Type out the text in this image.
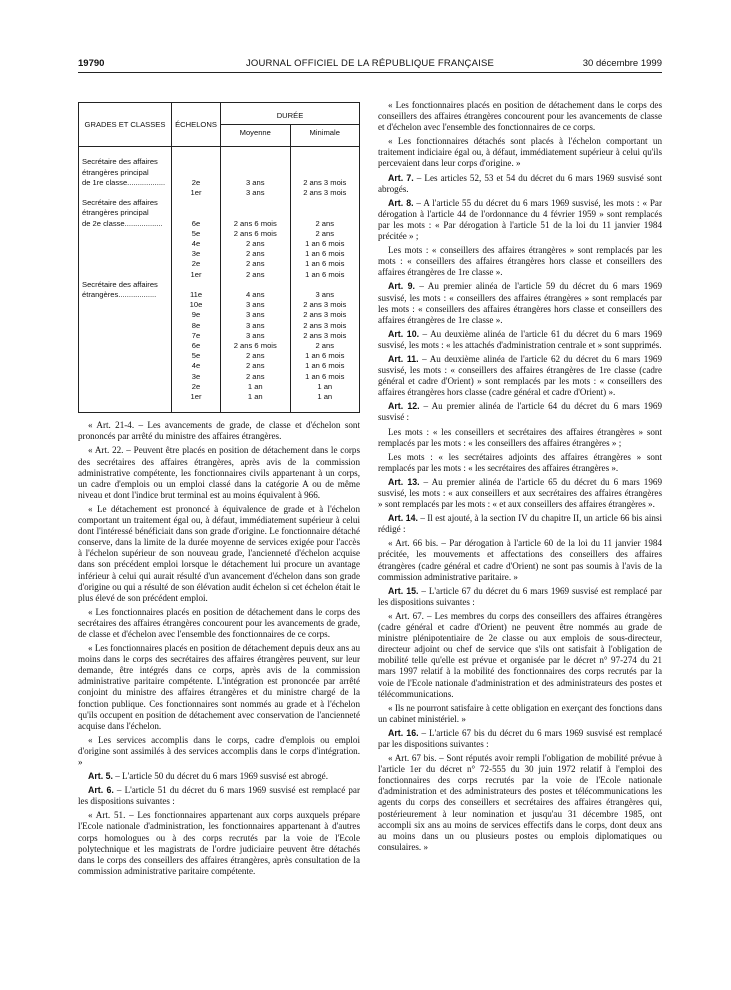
19790	JOURNAL OFFICIEL DE LA RÉPUBLIQUE FRANÇAISE	30 décembre 1999
GRADES ET CLASSES	ÉCHELONS	DURÉE	
		Moyenne	Minimale

Secrétaire des affaires			
étrangères principal			
de 1re classe..................	2e	3 ans	2 ans 3 mois
	1er	3 ans	2 ans 3 mois
Secrétaire des affaires			
étrangères principal			
de 2e classe..................	6e	2 ans 6 mois	2 ans
	5e	2 ans 6 mois	2 ans
	4e	2 ans	1 an 6 mois
	3e	2 ans	1 an 6 mois
	2e	2 ans	1 an 6 mois
	1er	2 ans	1 an 6 mois
Secrétaire des affaires			
étrangères..................	11e	4 ans	3 ans
	10e	3 ans	2 ans 3 mois
	9e	3 ans	2 ans 3 mois
	8e	3 ans	2 ans 3 mois
	7e	3 ans	2 ans 3 mois
	6e	2 ans 6 mois	2 ans
	5e	2 ans	1 an 6 mois
	4e	2 ans	1 an 6 mois
	3e	2 ans	1 an 6 mois
	2e	1 an	1 an
	1er	1 an	1 an

« Art. 21-4. – Les avancements de grade, de classe et d'échelon sont prononcés par arrêté du ministre des affaires étrangères.

« Art. 22. – Peuvent être placés en position de détachement dans le corps des secrétaires des affaires étrangères, après avis de la commission administrative compétente, les fonctionnaires civils appartenant à un corps, un cadre d'emplois ou un emploi classé dans la catégorie A ou de même niveau et dont l'indice brut terminal est au moins équivalent à 966.

« Le détachement est prononcé à équivalence de grade et à l'échelon comportant un traitement égal ou, à défaut, immédiatement supérieur à celui dont l'intéressé bénéficiait dans son grade d'origine. Le fonctionnaire détaché conserve, dans la limite de la durée moyenne de services exigée pour l'accès à l'échelon supérieur de son nouveau grade, l'ancienneté d'échelon acquise dans son précédent emploi lorsque le détachement lui procure un avantage inférieur à celui qui aurait résulté d'un avancement d'échelon dans son grade d'origine ou qui a résulté de son élévation audit échelon si cet échelon était le plus élevé de son précédent emploi.

« Les fonctionnaires placés en position de détachement dans le corps des secrétaires des affaires étrangères concourent pour les avancements de grade, de classe et d'échelon avec l'ensemble des fonctionnaires de ce corps.

« Les fonctionnaires placés en position de détachement depuis deux ans au moins dans le corps des secrétaires des affaires étrangères peuvent, sur leur demande, être intégrés dans ce corps, après avis de la commission administrative paritaire compétente. L'intégration est prononcée par arrêté conjoint du ministre des affaires étrangères et du ministre chargé de la fonction publique. Ces fonctionnaires sont nommés au grade et à l'échelon qu'ils occupent en position de détachement avec conservation de l'ancienneté acquise dans l'échelon.

« Les services accomplis dans le corps, cadre d'emplois ou emploi d'origine sont assimilés à des services accomplis dans le corps d'intégration. »

Art. 5. – L'article 50 du décret du 6 mars 1969 susvisé est abrogé.

Art. 6. – L'article 51 du décret du 6 mars 1969 susvisé est remplacé par les dispositions suivantes :

« Art. 51. – Les fonctionnaires appartenant aux corps auxquels prépare l'Ecole nationale d'administration, les fonctionnaires appartenant à d'autres corps homologues ou à des corps recrutés par la voie de l'Ecole polytechnique et les magistrats de l'ordre judiciaire peuvent être détachés dans le corps des conseillers des affaires étrangères, après consultation de la commission administrative paritaire compétente.

« Les fonctionnaires placés en position de détachement dans le corps des conseillers des affaires étrangères concourent pour les avancements de classe et d'échelon avec l'ensemble des fonctionnaires de ce corps.

« Les fonctionnaires détachés sont placés à l'échelon comportant un traitement indiciaire égal ou, à défaut, immédiatement supérieur à celui qu'ils percevaient dans leur corps d'origine. »

Art. 7. – Les articles 52, 53 et 54 du décret du 6 mars 1969 susvisé sont abrogés.

Art. 8. – A l'article 55 du décret du 6 mars 1969 susvisé, les mots : « Par dérogation à l'article 44 de l'ordonnance du 4 février 1959 » sont remplacés par les mots : « Par dérogation à l'article 51 de la loi du 11 janvier 1984 précitée » ;

Les mots : « conseillers des affaires étrangères » sont remplacés par les mots : « conseillers des affaires étrangères hors classe et conseillers des affaires étrangères de 1re classe ».

Art. 9. – Au premier alinéa de l'article 59 du décret du 6 mars 1969 susvisé, les mots : « conseillers des affaires étrangères » sont remplacés par les mots : « conseillers des affaires étrangères hors classe et conseillers des affaires étrangères de 1re classe ».

Art. 10. – Au deuxième alinéa de l'article 61 du décret du 6 mars 1969 susvisé, les mots : « les attachés d'administration centrale et » sont supprimés.

Art. 11. – Au deuxième alinéa de l'article 62 du décret du 6 mars 1969 susvisé, les mots : « conseillers des affaires étrangères de 1re classe (cadre général et cadre d'Orient) » sont remplacés par les mots : « conseillers des affaires étrangères hors classe (cadre général et cadre d'Orient) ».

Art. 12. – Au premier alinéa de l'article 64 du décret du 6 mars 1969 susvisé :

Les mots : « les conseillers et secrétaires des affaires étrangères » sont remplacés par les mots : « les conseillers des affaires étrangères » ;

Les mots : « les secrétaires adjoints des affaires étrangères » sont remplacés par les mots : « les secrétaires des affaires étrangères ».

Art. 13. – Au premier alinéa de l'article 65 du décret du 6 mars 1969 susvisé, les mots : « aux conseillers et aux secrétaires des affaires étrangères » sont remplacés par les mots : « et aux conseillers des affaires étrangères ».

Art. 14. – Il est ajouté, à la section IV du chapitre II, un article 66 bis ainsi rédigé :

« Art. 66 bis. – Par dérogation à l'article 60 de la loi du 11 janvier 1984 précitée, les mouvements et affectations des conseillers des affaires étrangères (cadre général et cadre d'Orient) ne sont pas soumis à l'avis de la commission administrative paritaire. »

Art. 15. – L'article 67 du décret du 6 mars 1969 susvisé est remplacé par les dispositions suivantes :

« Art. 67. – Les membres du corps des conseillers des affaires étrangères (cadre général et cadre d'Orient) ne peuvent être nommés au grade de ministre plénipotentiaire de 2e classe ou aux emplois de sous-directeur, directeur adjoint ou chef de service que s'ils ont satisfait à l'obligation de mobilité telle qu'elle est prévue et organisée par le décret n° 97-274 du 21 mars 1997 relatif à la mobilité des fonctionnaires des corps recrutés par la voie de l'Ecole nationale d'administration et des administrateurs des postes et télécommunications.

« Ils ne pourront satisfaire à cette obligation en exerçant des fonctions dans un cabinet ministériel. »

Art. 16. – L'article 67 bis du décret du 6 mars 1969 susvisé est remplacé par les dispositions suivantes :

« Art. 67 bis. – Sont réputés avoir rempli l'obligation de mobilité prévue à l'article 1er du décret n° 72-555 du 30 juin 1972 relatif à l'emploi des fonctionnaires des corps recrutés par la voie de l'Ecole nationale d'administration et des administrateurs des postes et télécommunications les agents du corps des conseillers et secrétaires des affaires étrangères qui, postérieurement à leur nomination et jusqu'au 31 décembre 1985, ont accompli six ans au moins de services effectifs dans le corps, dont deux ans au moins dans un ou plusieurs postes ou emplois diplomatiques ou consulaires. »
